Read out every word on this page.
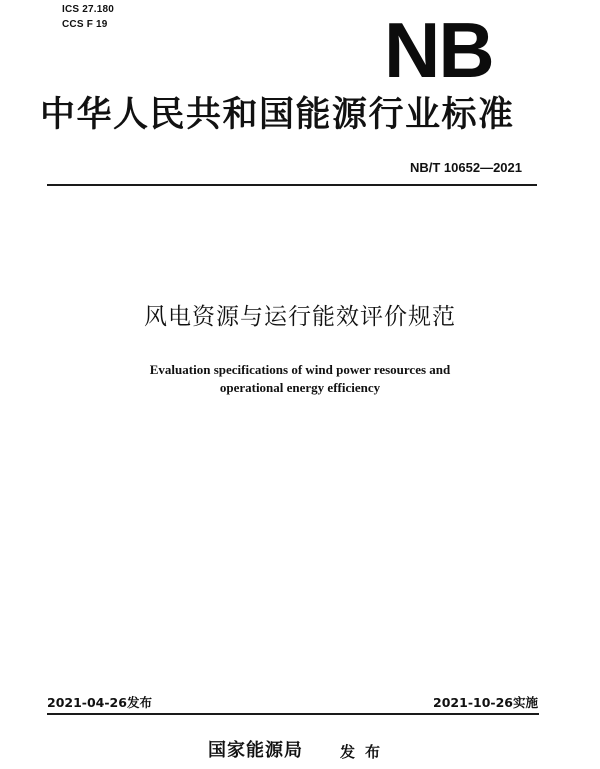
ICS 27.180
CCS F 19	NB
中华人民共和国能源行业标准
NB/T 10652—2021
风电资源与运行能效评价规范
Evaluation specifications of wind power resources and
operational energy efficiency
2021-04-26发布	2021-10-26实施
国家能源局 发布
